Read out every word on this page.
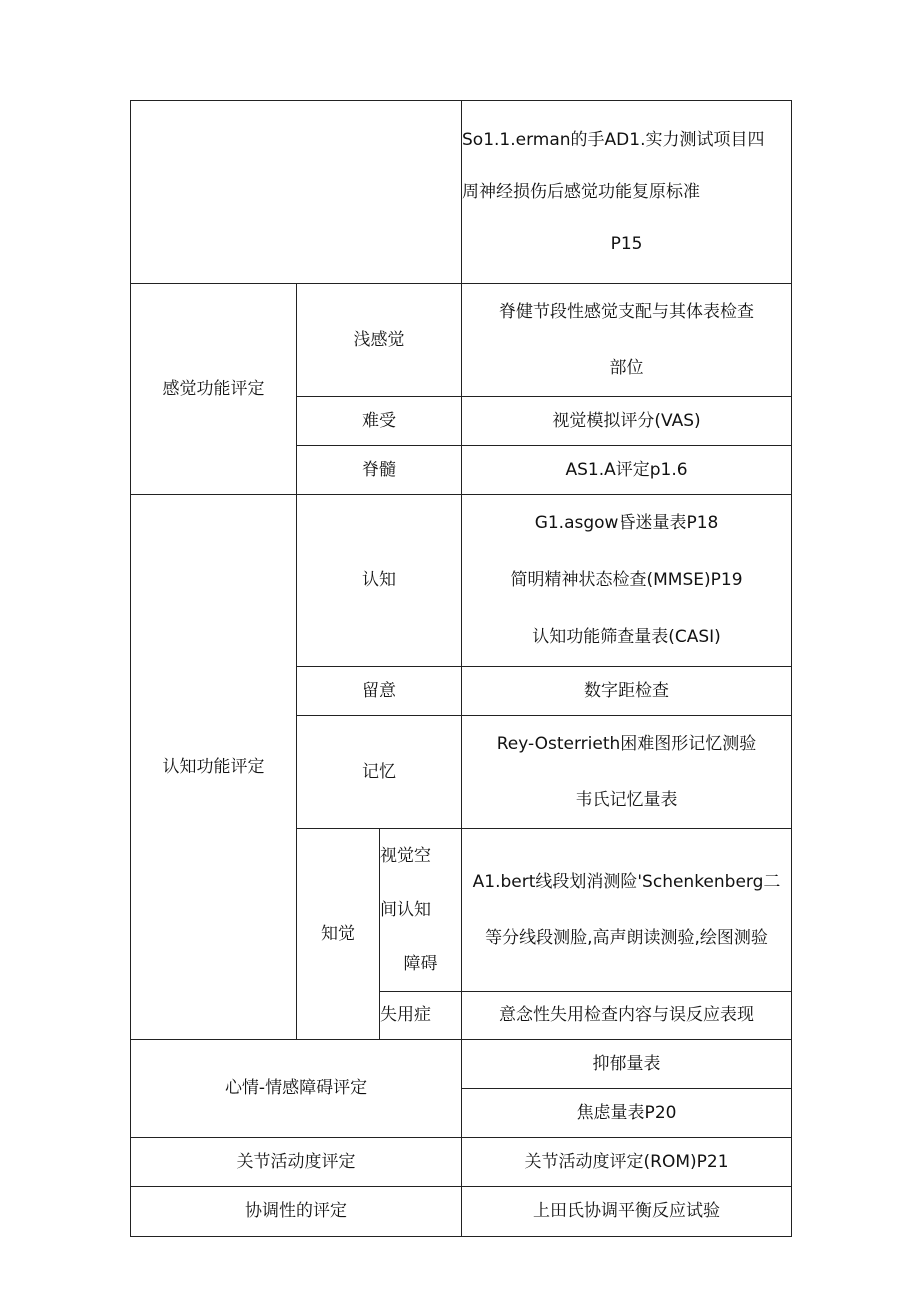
			So1.1.erman的手AD1.实力测试项目四
周神经损伤后感觉功能复原标准
P15

感觉功能评定	浅感觉		脊健节段性感觉支配与其体表检查
部位

	难受		视觉模拟评分(VAS)
	脊髓		AS1.A评定p1.6
认知功能评定	认知		G1.asgow昏迷量表P18
简明精神状态检查(MMSE)P19
认知功能筛查量表(CASI)

	留意		数字距检查
	记忆		Rey-Osterrieth困难图形记忆测验
韦氏记忆量表

	知觉	视觉空
间认知
障碍	A1.bert线段划消测险'Schenkenberg二
等分线段测脸,高声朗读测验,绘图测验

		失用症	意念性失用检查内容与误反应表现
心情-情感障碍评定			抑郁量表
			焦虑量表P20
关节活动度评定			关节活动度评定(ROM)P21
协调性的评定			上田氏协调平衡反应试验
